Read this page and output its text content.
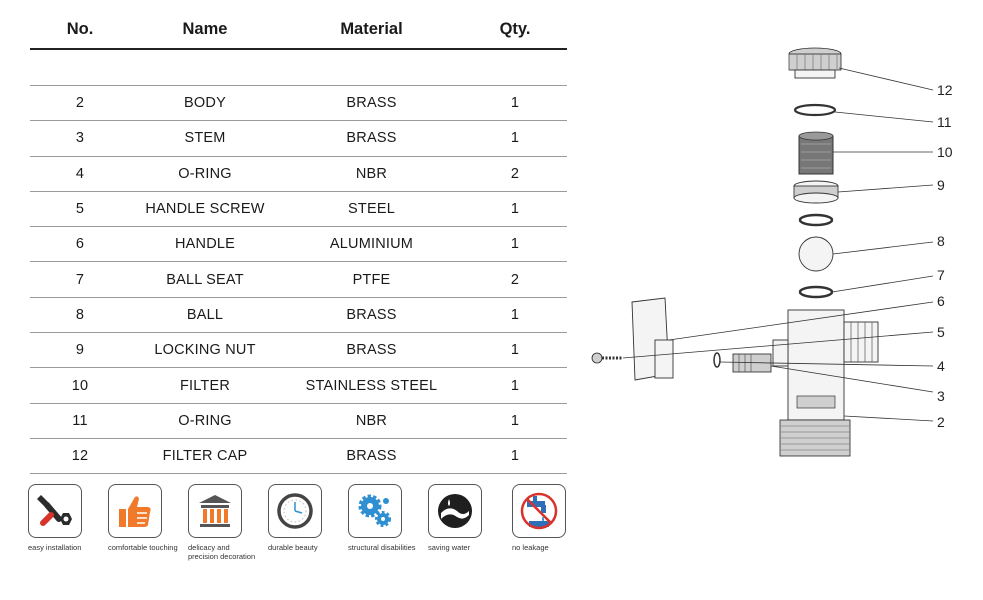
No.	Name	Material	Qty.
2	BODY	BRASS	1
3	STEM	BRASS	1
4	O-RING	NBR	2
5	HANDLE SCREW	STEEL	1
6	HANDLE	ALUMINIUM	1
7	BALL SEAT	PTFE	2
8	BALL	BRASS	1
9	LOCKING NUT	BRASS	1
10	FILTER	STAINLESS STEEL	1
11	O-RING	NBR	1
12	FILTER CAP	BRASS	1
easy installation	comfortable touching delicacy and precision decoration
durable beauty	structural disabilities	saving water	no leakage
12
11
10
9
8
7
6
5
4
3
2
